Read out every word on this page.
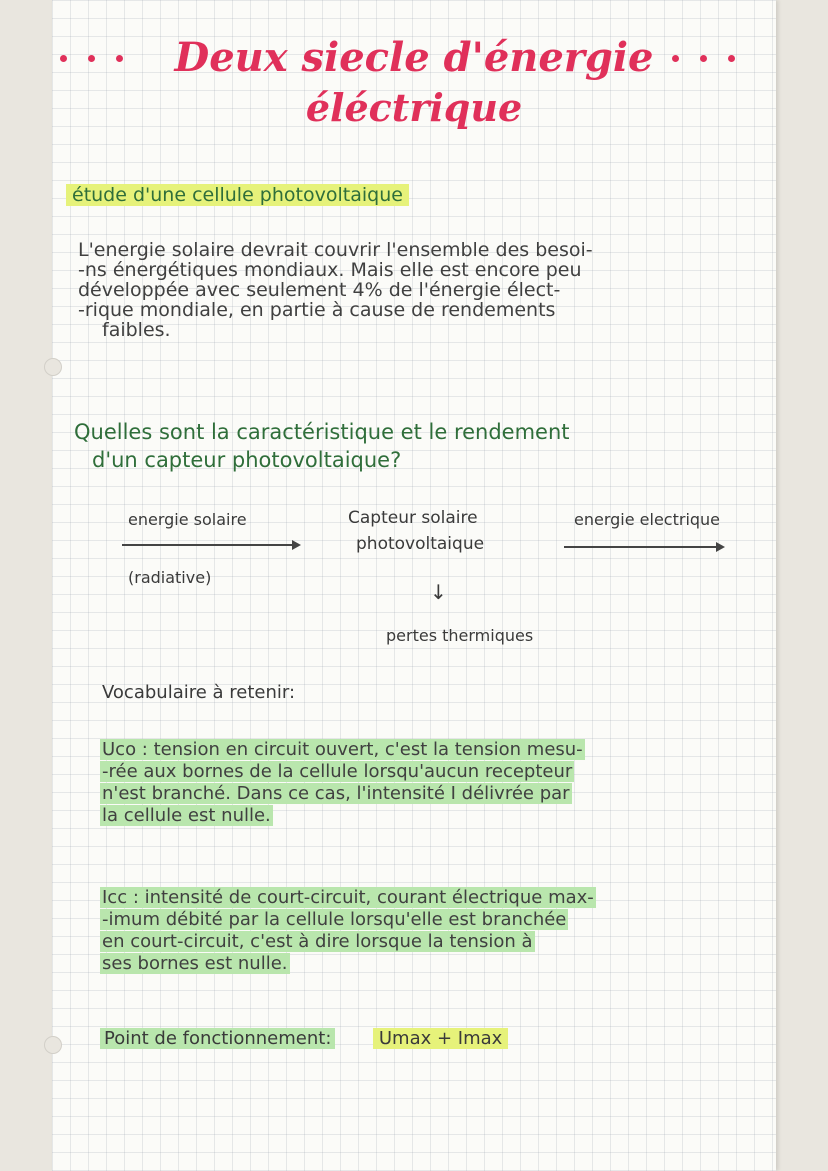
Deux siecle d'énergie
éléctrique
étude d'une cellule photovoltaique
L'energie solaire devrait couvrir l'ensemble des besoi-
-ns énergétiques mondiaux. Mais elle est encore peu
développée avec seulement 4% de l'énergie élect-
-rique mondiale, en partie à cause de rendements
faibles.
Quelles sont la caractéristique et le rendement
d'un capteur photovoltaique?
energie solaire
(radiative)
Capteur solaire
photovoltaique
energie electrique
↓
pertes thermiques
Vocabulaire à retenir:
Uco : tension en circuit ouvert, c'est la tension mesu-
-rée aux bornes de la cellule lorsqu'aucun recepteur
n'est branché. Dans ce cas, l'intensité I délivrée par
la cellule est nulle.
Icc : intensité de court-circuit, courant électrique max-
-imum débité par la cellule lorsqu'elle est branchée
en court-circuit, c'est à dire lorsque la tension à
ses bornes est nulle.
Point de fonctionnement:	Umax + Imax
